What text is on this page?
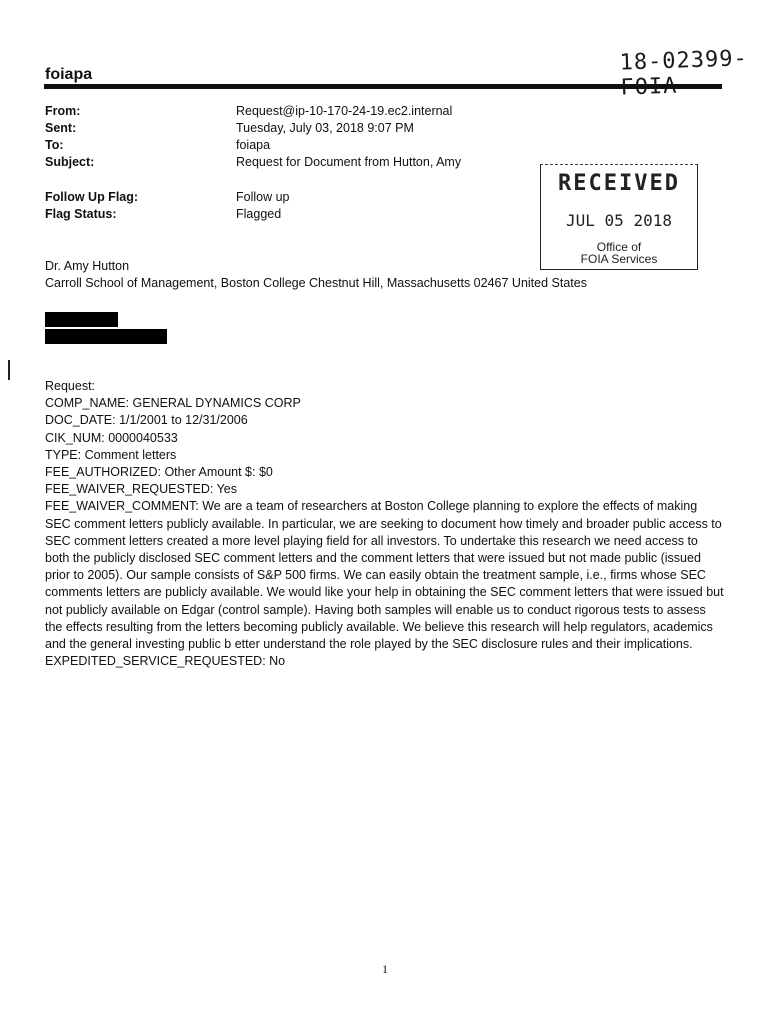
18-02399-FOIA
foiapa
From:	Request@ip-10-170-24-19.ec2.internal
Sent:	Tuesday, July 03, 2018 9:07 PM
To:	foiapa
Subject:	Request for Document from Hutton, Amy
Follow Up Flag:	Follow up
Flag Status:	Flagged
RECEIVED
JUL 05 2018
Office of
FOIA Services
Dr. Amy Hutton
Carroll School of Management, Boston College Chestnut Hill, Massachusetts 02467 United States
Request:
COMP_NAME: GENERAL DYNAMICS CORP
DOC_DATE: 1/1/2001 to 12/31/2006
CIK_NUM: 0000040533
TYPE: Comment letters
FEE_AUTHORIZED: Other Amount $: $0
FEE_WAIVER_REQUESTED: Yes
FEE_WAIVER_COMMENT: We are a team of researchers at Boston College planning to explore the effects of making SEC comment letters publicly available. In particular, we are seeking to document how timely and broader public access to SEC comment letters created a more level playing field for all investors. To undertake this research we need access to both the publicly disclosed SEC comment letters and the comment letters that were issued but not made public (issued prior to 2005). Our sample consists of S&P 500 firms. We can easily obtain the treatment sample, i.e., firms whose SEC comments letters are publicly available. We would like your help in obtaining the SEC comment letters that were issued but not publicly available on Edgar (control sample). Having both samples will enable us to conduct rigorous tests to assess the effects resulting from the letters becoming publicly available. We believe this research will help regulators, academics and the general investing public b etter understand the role played by the SEC disclosure rules and their implications.
EXPEDITED_SERVICE_REQUESTED: No
1
